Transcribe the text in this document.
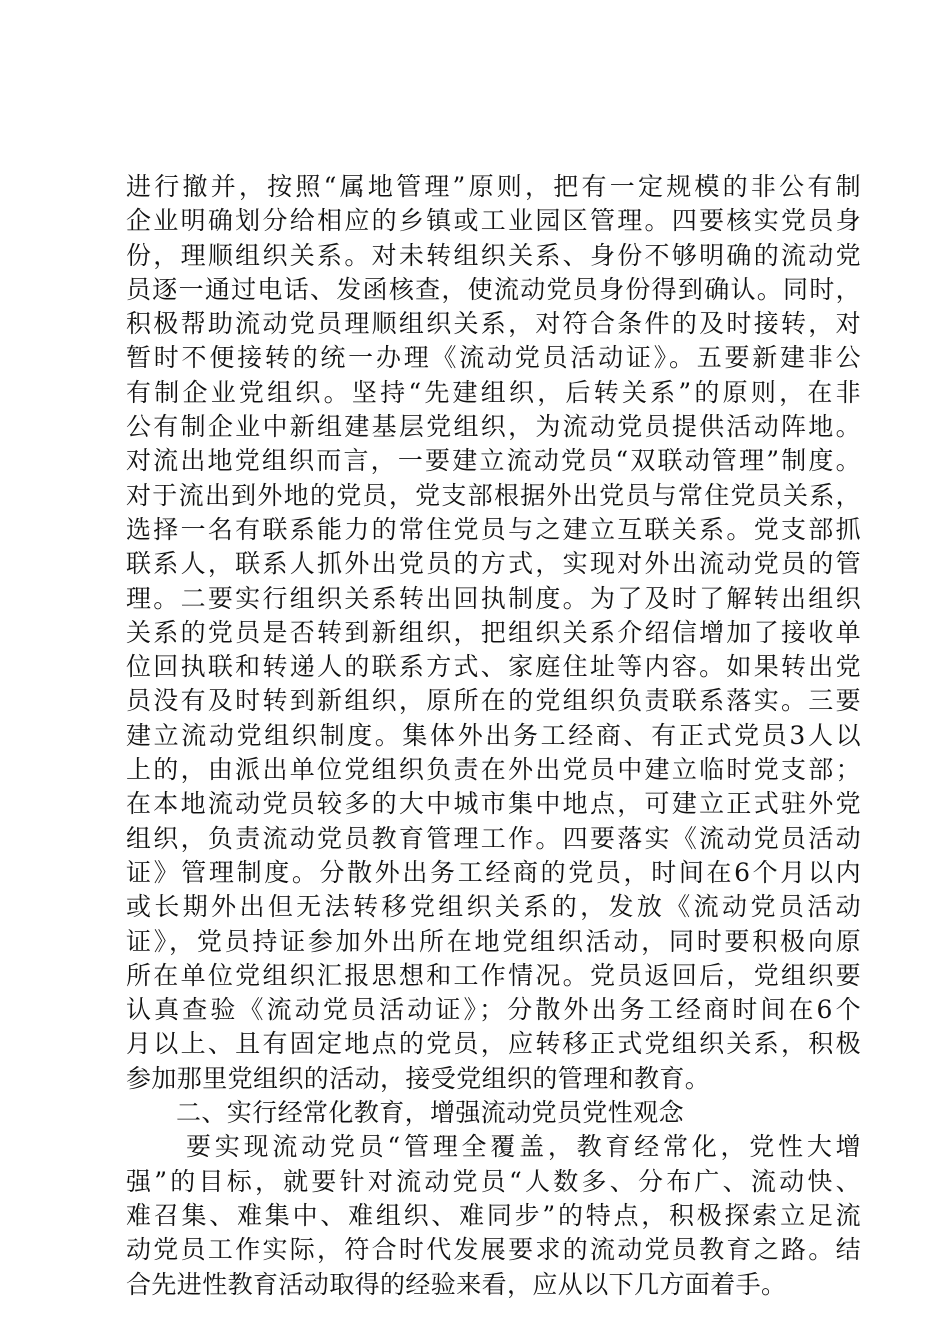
进行撤并，按照“属地管理”原则，把有一定规模的非公有制
企业明确划分给相应的乡镇或工业园区管理。四要核实党员身
份，理顺组织关系。对未转组织关系、身份不够明确的流动党
员逐一通过电话、发函核查，使流动党员身份得到确认。同时，
积极帮助流动党员理顺组织关系，对符合条件的及时接转，对
暂时不便接转的统一办理《流动党员活动证》。五要新建非公
有制企业党组织。坚持“先建组织，后转关系”的原则，在非
公有制企业中新组建基层党组织，为流动党员提供活动阵地。
对流出地党组织而言，一要建立流动党员“双联动管理”制度。
对于流出到外地的党员，党支部根据外出党员与常住党员关系，
选择一名有联系能力的常住党员与之建立互联关系。党支部抓
联系人，联系人抓外出党员的方式，实现对外出流动党员的管
理。二要实行组织关系转出回执制度。为了及时了解转出组织
关系的党员是否转到新组织，把组织关系介绍信增加了接收单
位回执联和转递人的联系方式、家庭住址等内容。如果转出党
员没有及时转到新组织，原所在的党组织负责联系落实。三要
建立流动党组织制度。集体外出务工经商、有正式党员3人以
上的，由派出单位党组织负责在外出党员中建立临时党支部；
在本地流动党员较多的大中城市集中地点，可建立正式驻外党
组织，负责流动党员教育管理工作。四要落实《流动党员活动
证》管理制度。分散外出务工经商的党员，时间在6个月以内
或长期外出但无法转移党组织关系的，发放《流动党员活动
证》，党员持证参加外出所在地党组织活动，同时要积极向原
所在单位党组织汇报思想和工作情况。党员返回后，党组织要
认真查验《流动党员活动证》；分散外出务工经商时间在6个
月以上、且有固定地点的党员，应转移正式党组织关系，积极
参加那里党组织的活动，接受党组织的管理和教育。
二、实行经常化教育，增强流动党员党性观念
要实现流动党员“管理全覆盖，教育经常化，党性大增
强”的目标，就要针对流动党员“人数多、分布广、流动快、
难召集、难集中、难组织、难同步”的特点，积极探索立足流
动党员工作实际，符合时代发展要求的流动党员教育之路。结
合先进性教育活动取得的经验来看，应从以下几方面着手。
